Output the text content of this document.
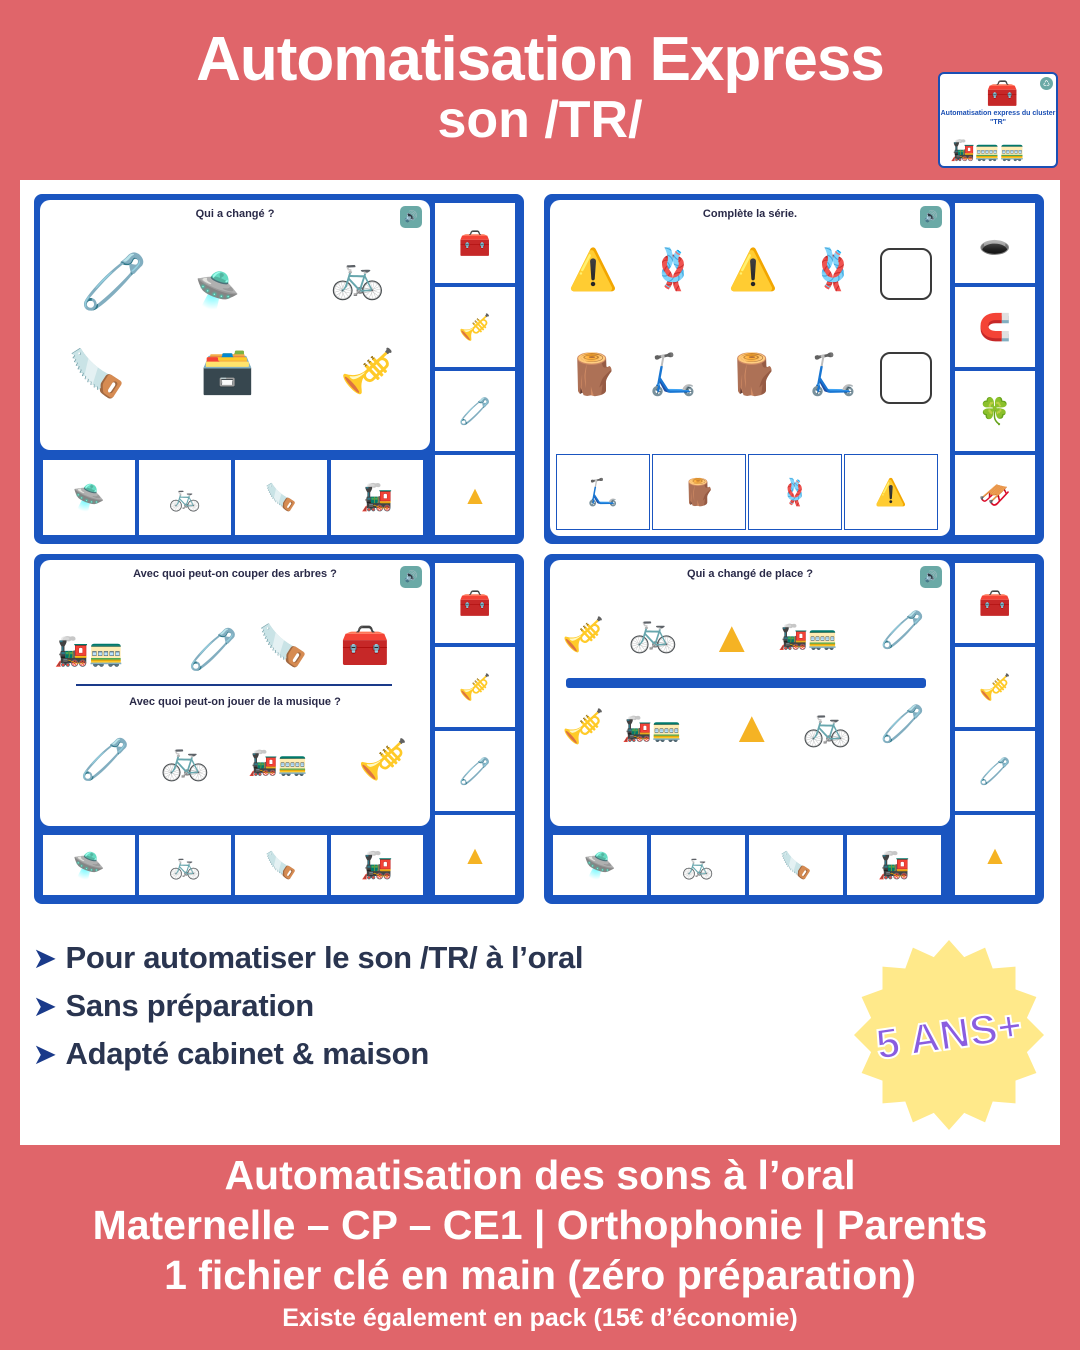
Automatisation Express
son /TR/	🧰
Automatisation express du cluster "TR"
🚂🚃🚃
♺
Qui a changé ?	🔊
🧷 🛸 🚲
🪚 🗃️ 🎺
🛸	🚲	🪚	🚂
🧰
🎺
🧷
▲
Complète la série.	🔊
⚠️ 🪢 ⚠️ 🪢
🪵 🛴 🪵 🛴
🛴	🪵	🪢	⚠️
🕳️
🧲
🍀
🛷
Avec quoi peut-on couper des arbres ?	🔊
🚂🚃 🧷 🪚 🧰
Avec quoi peut-on jouer de la musique ?
🧷 🚲 🚂🚃 🎺
🛸	🚲	🪚	🚂
🧰
🎺
🧷
▲
Qui a changé de place ?	🔊
🎺 🚲 ▲ 🚂🚃 🧷
🎺 🚂🚃 ▲ 🚲 🧷
🛸	🚲	🪚	🚂
🧰
🎺
🧷
▲
➤ Pour automatiser le son /TR/ à l’oral
➤ Sans préparation
➤ Adapté cabinet & maison	5 ANS+
Automatisation des sons à l’oral
Maternelle – CP – CE1 | Orthophonie | Parents
1 fichier clé en main (zéro préparation)
Existe également en pack (15€ d’économie)
